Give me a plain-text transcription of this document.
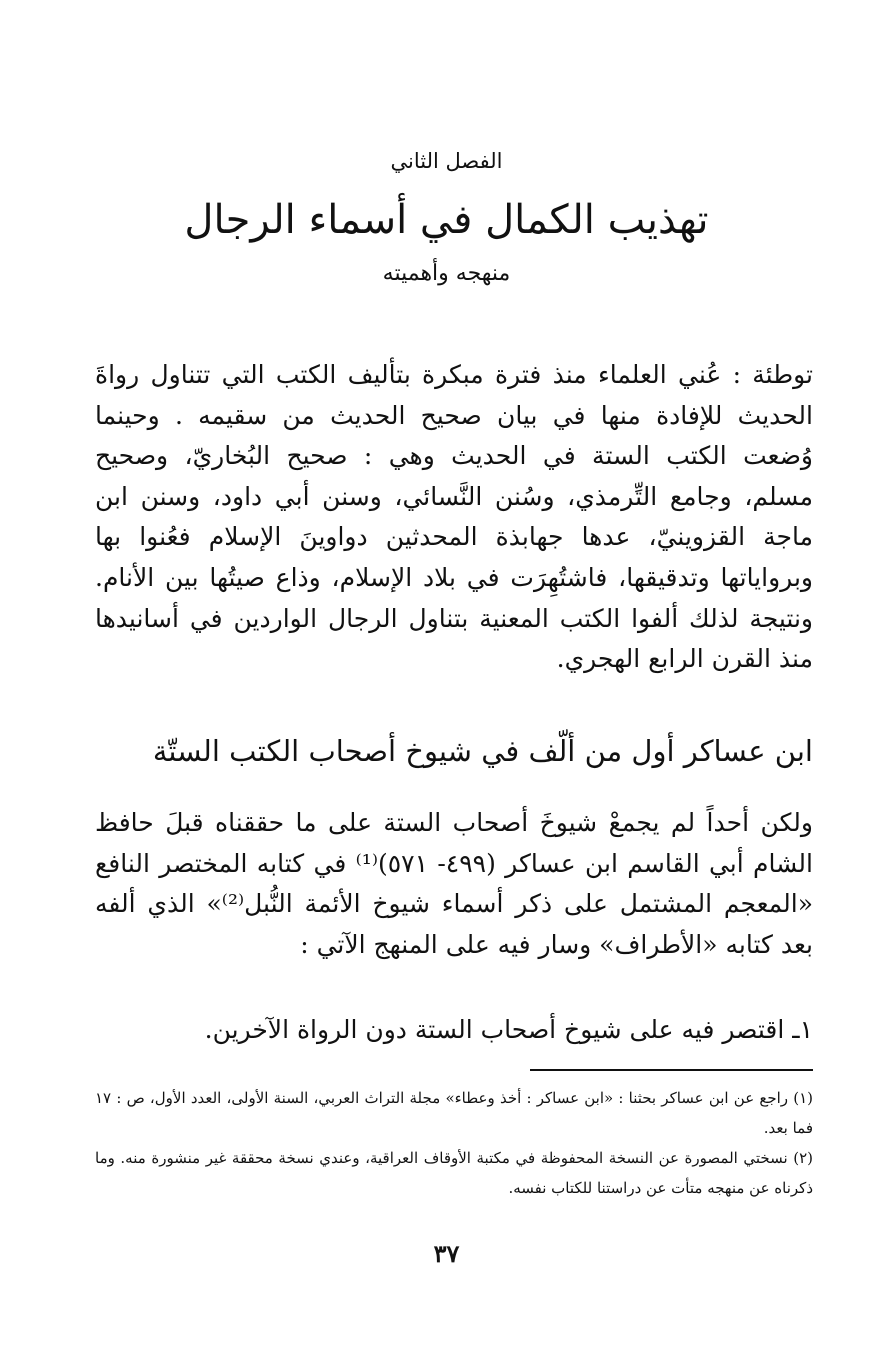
الفصل الثاني
تهذيب الكمال في أسماء الرجال
منهجه وأهميته

توطئة : عُني العلماء منذ فترة مبكرة بتأليف الكتب التي تتناول رواةَ الحديث للإفادة منها في بيان صحيح الحديث من سقيمه . وحينما وُضعت الكتب الستة في الحديث وهي : صحيح البُخاريّ، وصحيح مسلم، وجامع التِّرمذي، وسُنن النَّسائي، وسنن أبي داود، وسنن ابن ماجة القزوينيّ، عدها جهابذة المحدثين دواوينَ الإسلام فعُنوا بها وبرواياتها وتدقيقها، فاشتُهِرَت في بلاد الإسلام، وذاع صيتُها بين الأنام. ونتيجة لذلك ألفوا الكتب المعنية بتناول الرجال الواردين في أسانيدها منذ القرن الرابع الهجري.

ابن عساكر أول من ألّف في شيوخ أصحاب الكتب الستّة

ولكن أحداً لم يجمعْ شيوخَ أصحاب الستة على ما حققناه قبلَ حافظ الشام أبي القاسم ابن عساكر (٤٩٩- ٥٧١)⁽¹⁾ في كتابه المختصر النافع «المعجم المشتمل على ذكر أسماء شيوخ الأئمة النُّبل⁽²⁾» الذي ألفه بعد كتابه «الأطراف» وسار فيه على المنهج الآتي :

١ـ اقتصر فيه على شيوخ أصحاب الستة دون الرواة الآخرين.

(١) راجع عن ابن عساكر بحثنا : «ابن عساكر : أخذ وعطاء» مجلة التراث العربي، السنة الأولى، العدد الأول، ص : ١٧ فما بعد.

(٢) نسختي المصورة عن النسخة المحفوظة في مكتبة الأوقاف العراقية، وعندي نسخة محققة غير منشورة منه. وما ذكرناه عن منهجه متأت عن دراستنا للكتاب نفسه.

٣٧
